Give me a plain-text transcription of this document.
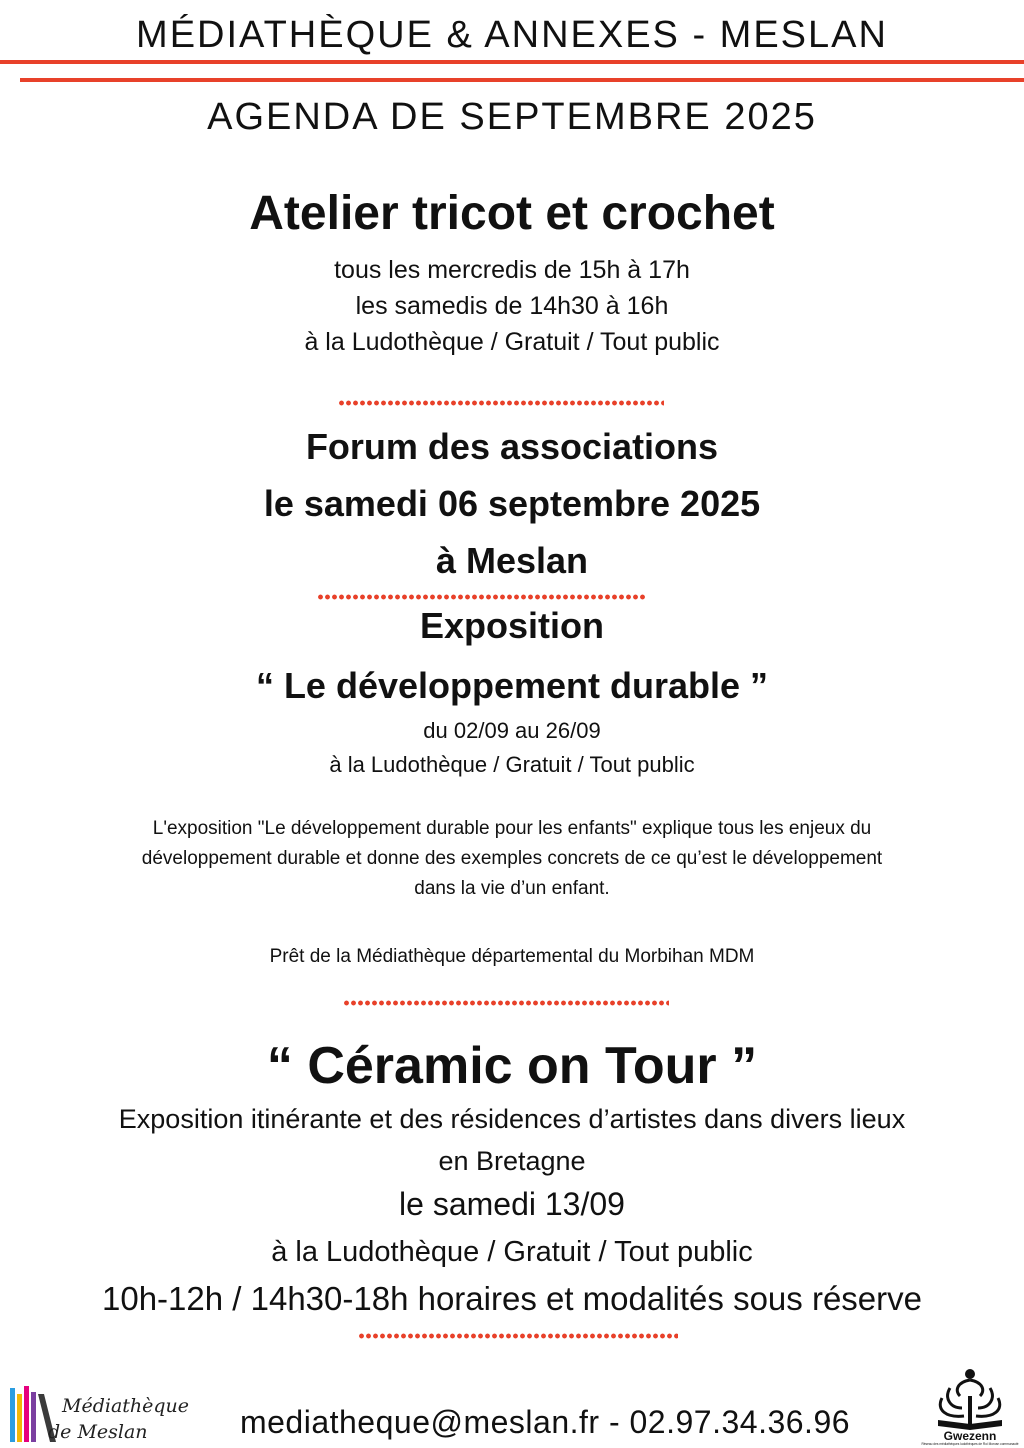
MÉDIATHÈQUE & ANNEXES - MESLAN
AGENDA DE SEPTEMBRE 2025
Atelier tricot et crochet
tous les mercredis de 15h à 17h
les samedis de 14h30 à 16h
à la Ludothèque / Gratuit / Tout public
Forum des associations
le samedi 06 septembre 2025
à Meslan
Exposition
“ Le développement durable ”
du 02/09 au 26/09
à la Ludothèque / Gratuit / Tout public
L'exposition "Le développement durable pour les enfants" explique tous les enjeux du
développement durable et donne des exemples concrets de ce qu’est le développement
dans la vie d’un enfant.
Prêt de la Médiathèque départemental du Morbihan MDM
“ Céramic on Tour ”
Exposition itinérante et des résidences d’artistes dans divers lieux
en Bretagne
le samedi 13/09
à la Ludothèque / Gratuit / Tout public
10h-12h / 14h30-18h horaires et modalités sous réserve
Médiathèque
de Meslan	mediatheque@meslan.fr - 02.97.34.36.96	Gwezenn
Réseau des médiathèques ludothèques de Roi Morvan communauté
